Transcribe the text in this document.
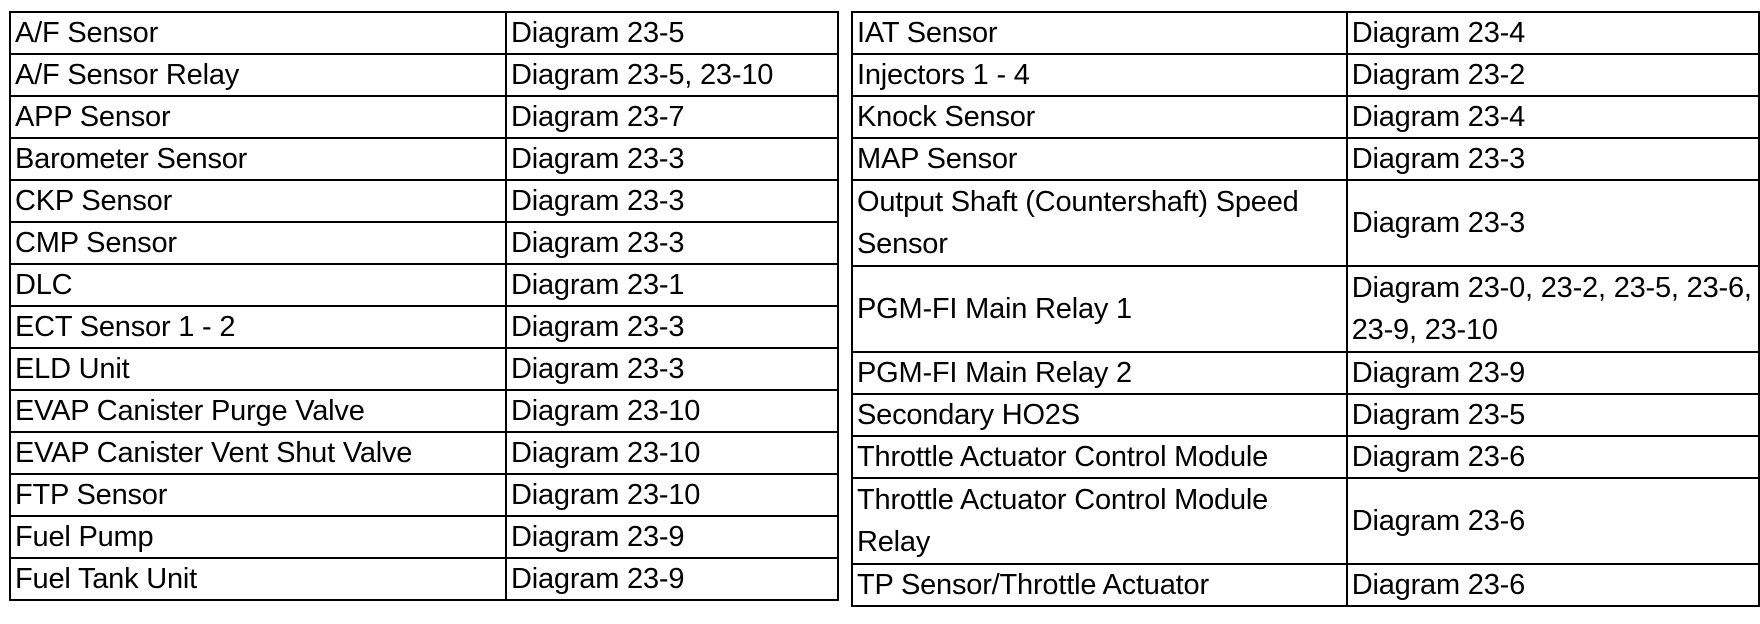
A/F Sensor	Diagram 23-5
A/F Sensor Relay	Diagram 23-5, 23-10
APP Sensor	Diagram 23-7
Barometer Sensor	Diagram 23-3
CKP Sensor	Diagram 23-3
CMP Sensor	Diagram 23-3
DLC	Diagram 23-1
ECT Sensor 1 - 2	Diagram 23-3
ELD Unit	Diagram 23-3
EVAP Canister Purge Valve	Diagram 23-10
EVAP Canister Vent Shut Valve	Diagram 23-10
FTP Sensor	Diagram 23-10
Fuel Pump	Diagram 23-9
Fuel Tank Unit	Diagram 23-9
IAT Sensor	Diagram 23-4
Injectors 1 - 4	Diagram 23-2
Knock Sensor	Diagram 23-4
MAP Sensor	Diagram 23-3
Output Shaft (Countershaft) Speed Sensor	Diagram 23-3
PGM-FI Main Relay 1	Diagram 23-0, 23-2, 23-5, 23-6, 23-9, 23-10
PGM-FI Main Relay 2	Diagram 23-9
Secondary HO2S	Diagram 23-5
Throttle Actuator Control Module	Diagram 23-6
Throttle Actuator Control Module Relay	Diagram 23-6
TP Sensor/Throttle Actuator	Diagram 23-6
